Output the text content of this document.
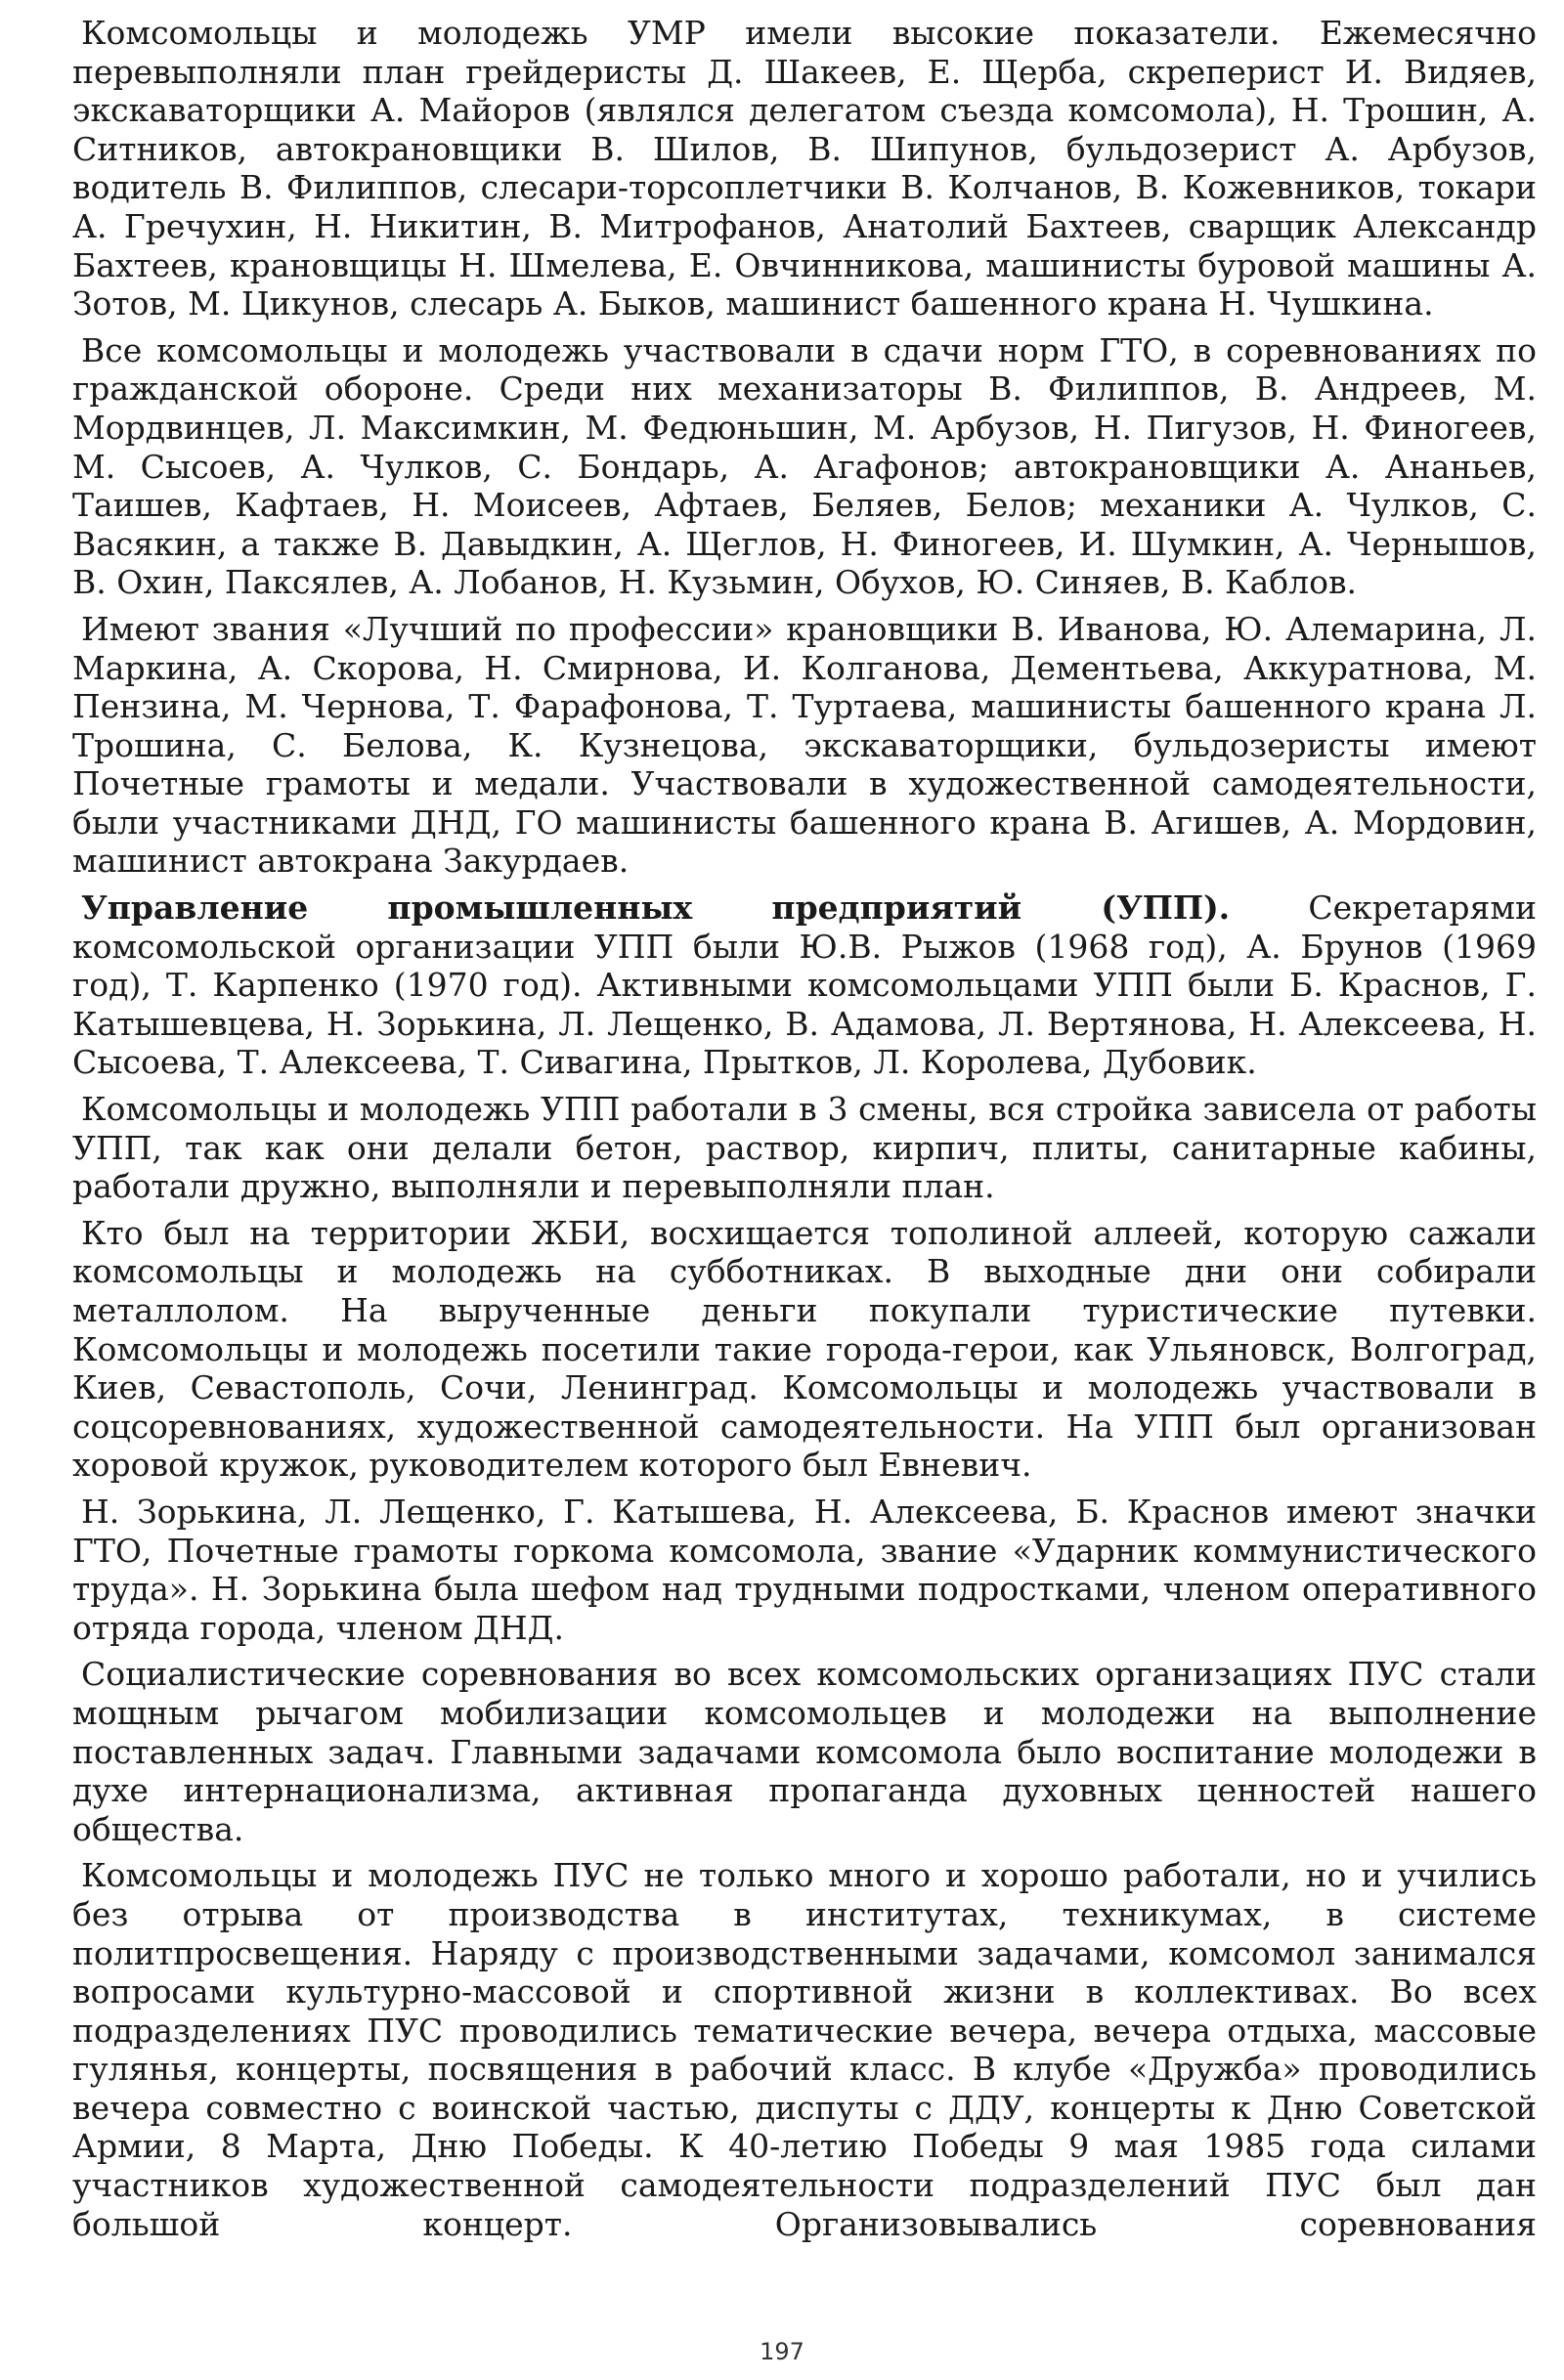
Комсомольцы и молодежь УМР имели высокие показатели. Ежемесячно перевыполняли план грейдеристы Д. Шакеев, Е. Щерба, скреперист И. Видяев, экскаваторщики А. Майоров (являлся делегатом съезда комсомола), Н. Трошин, А. Ситников, автокрановщики В. Шилов, В. Шипунов, бульдозерист А. Арбузов, водитель В. Филиппов, слесари-торсоплетчики В. Колчанов, В. Кожевников, токари А. Гречухин, Н. Никитин, В. Митрофанов, Анатолий Бахтеев, сварщик Александр Бахтеев, крановщицы Н. Шмелева, Е. Овчинникова, машинисты буровой машины А. Зотов, М. Цикунов, слесарь А. Быков, машинист башенного крана Н. Чушкина.

Все комсомольцы и молодежь участвовали в сдачи норм ГТО, в соревнованиях по гражданской обороне. Среди них механизаторы В. Филиппов, В. Андреев, М. Мордвинцев, Л. Максимкин, М. Федюньшин, М. Арбузов, Н. Пигузов, Н. Финогеев, М. Сысоев, А. Чулков, С. Бондарь, А. Агафонов; автокрановщики А. Ананьев, Таишев, Кафтаев, Н. Моисеев, Афтаев, Беляев, Белов; механики А. Чулков, С. Васякин, а также В. Давыдкин, А. Щеглов, Н. Финогеев, И. Шумкин, А. Чернышов, В. Охин, Паксялев, А. Лобанов, Н. Кузьмин, Обухов, Ю. Синяев, В. Каблов.

Имеют звания «Лучший по профессии» крановщики В. Иванова, Ю. Алемарина, Л. Маркина, А. Скорова, Н. Смирнова, И. Колганова, Дементьева, Аккуратнова, М. Пензина, М. Чернова, Т. Фарафонова, Т. Туртаева, машинисты башенного крана Л. Трошина, С. Белова, К. Кузнецова, экскаваторщики, бульдозеристы имеют Почетные грамоты и медали. Участвовали в художественной самодеятельности, были участниками ДНД, ГО машинисты башенного крана В. Агишев, А. Мордовин, машинист автокрана Закурдаев.

Управление промышленных предприятий (УПП). Секретарями комсомольской организации УПП были Ю.В. Рыжов (1968 год), А. Брунов (1969 год), Т. Карпенко (1970 год). Активными комсомольцами УПП были Б. Краснов, Г. Катышевцева, Н. Зорькина, Л. Лещенко, В. Адамова, Л. Вертянова, Н. Алексеева, Н. Сысоева, Т. Алексеева, Т. Сивагина, Прытков, Л. Королева, Дубовик.

Комсомольцы и молодежь УПП работали в 3 смены, вся стройка зависела от работы УПП, так как они делали бетон, раствор, кирпич, плиты, санитарные кабины, работали дружно, выполняли и перевыполняли план.

Кто был на территории ЖБИ, восхищается тополиной аллеей, которую сажали комсомольцы и молодежь на субботниках. В выходные дни они собирали металлолом. На вырученные деньги покупали туристические путевки. Комсомольцы и молодежь посетили такие города-герои, как Ульяновск, Волгоград, Киев, Севастополь, Сочи, Ленинград. Комсомольцы и молодежь участвовали в соцсоревнованиях, художественной самодеятельности. На УПП был организован хоровой кружок, руководителем которого был Евневич.

Н. Зорькина, Л. Лещенко, Г. Катышева, Н. Алексеева, Б. Краснов имеют значки ГТО, Почетные грамоты горкома комсомола, звание «Ударник коммунистического труда». Н. Зорькина была шефом над трудными подростками, членом оперативного отряда города, членом ДНД.

Социалистические соревнования во всех комсомольских организациях ПУС стали мощным рычагом мобилизации комсомольцев и молодежи на выполнение поставленных задач. Главными задачами комсомола было воспитание молодежи в духе интернационализма, активная пропаганда духовных ценностей нашего общества.

Комсомольцы и молодежь ПУС не только много и хорошо работали, но и учились без отрыва от производства в институтах, техникумах, в системе политпросвещения. Наряду с производственными задачами, комсомол занимался вопросами культурно-массовой и спортивной жизни в коллективах. Во всех подразделениях ПУС проводились тематические вечера, вечера отдыха, массовые гулянья, концерты, посвящения в рабочий класс. В клубе «Дружба» проводились вечера совместно с воинской частью, диспуты с ДДУ, концерты к Дню Советской Армии, 8 Марта, Дню Победы. К 40-летию Победы 9 мая 1985 года силами участников художественной самодеятельности подразделений ПУС был дан большой концерт. Организовывались соревнования

197
